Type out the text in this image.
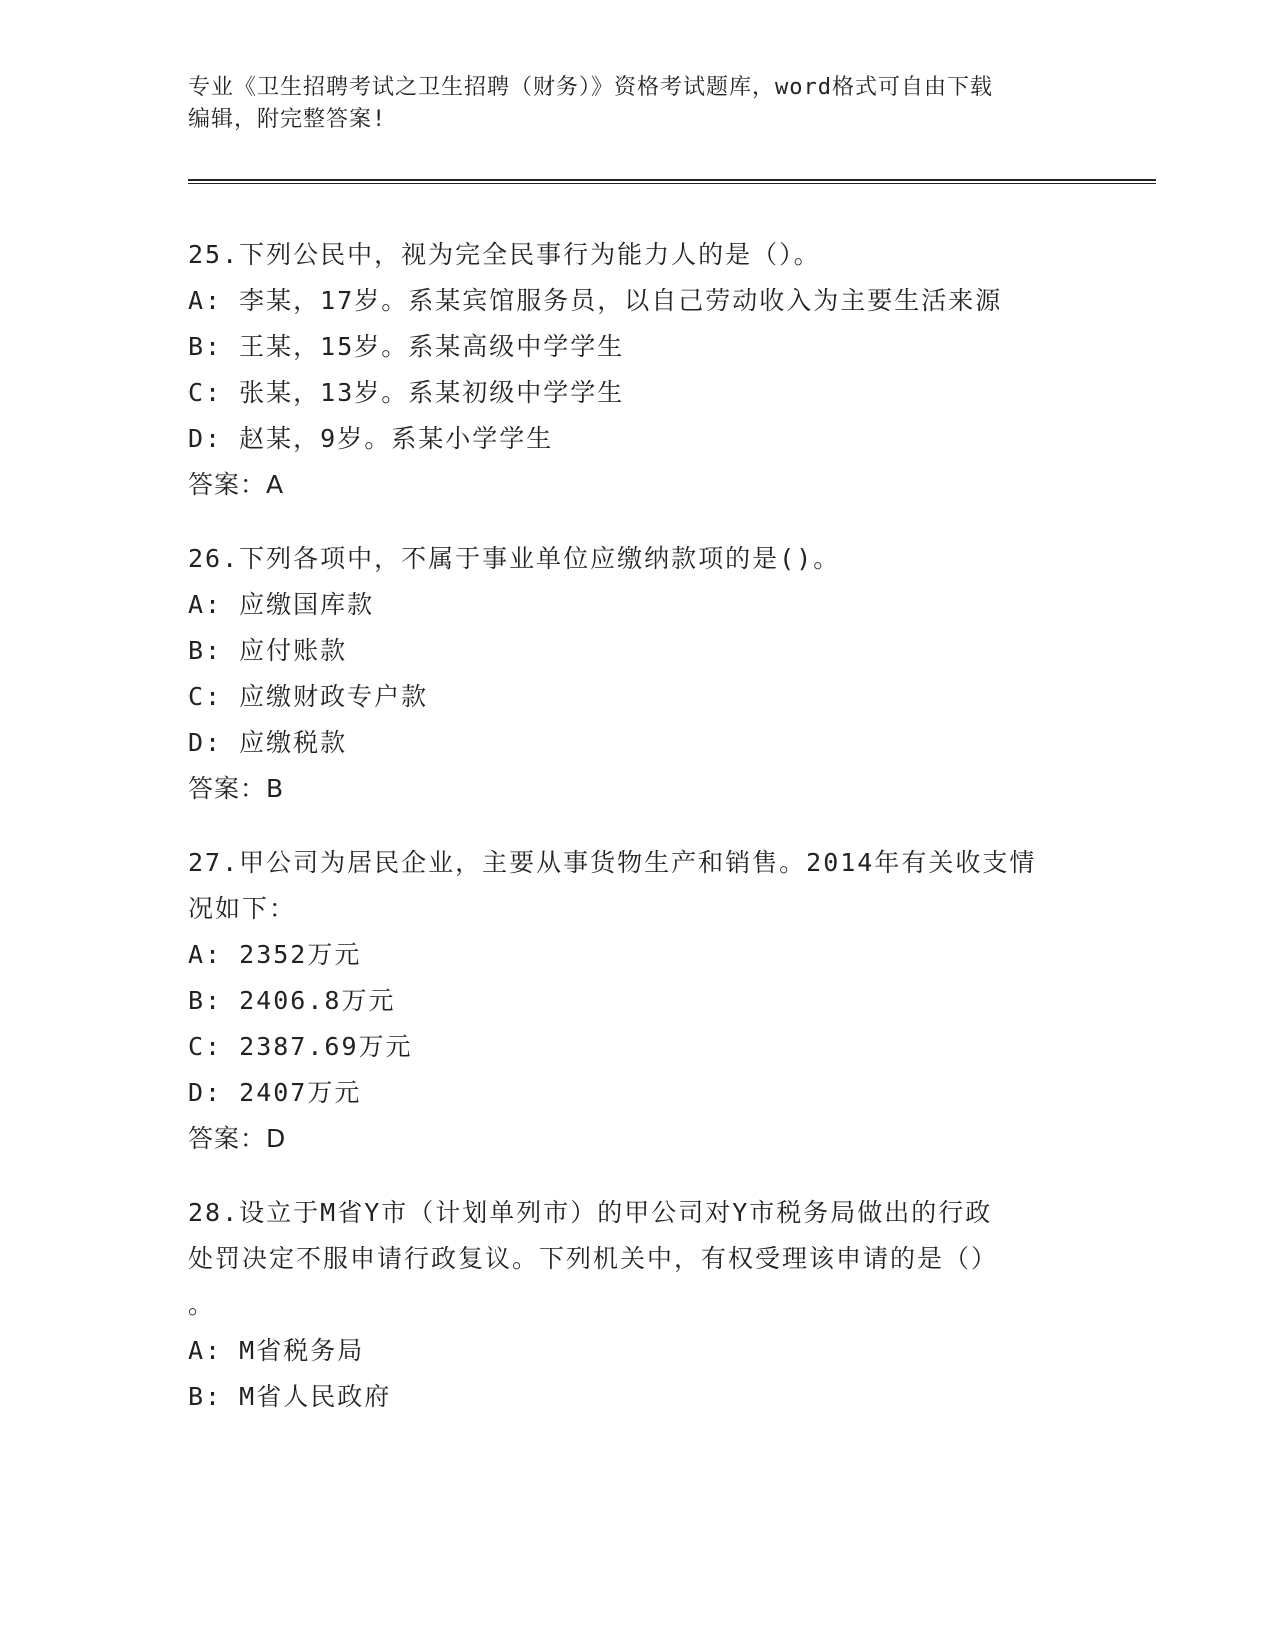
专业《卫生招聘考试之卫生招聘（财务）》资格考试题库，word格式可自由下载
编辑，附完整答案!
25.下列公民中，视为完全民事行为能力人的是（）。
A: 李某，17岁。系某宾馆服务员，以自己劳动收入为主要生活来源
B: 王某，15岁。系某高级中学学生
C: 张某，13岁。系某初级中学学生
D: 赵某，9岁。系某小学学生
答案：A
26.下列各项中，不属于事业单位应缴纳款项的是()。
A: 应缴国库款
B: 应付账款
C: 应缴财政专户款
D: 应缴税款
答案：B
27.甲公司为居民企业，主要从事货物生产和销售。2014年有关收支情
况如下：
A: 2352万元
B: 2406.8万元
C: 2387.69万元
D: 2407万元
答案：D
28.设立于M省Y市（计划单列市）的甲公司对Y市税务局做出的行政
处罚决定不服申请行政复议。下列机关中，有权受理该申请的是（）
。
A: M省税务局
B: M省人民政府
